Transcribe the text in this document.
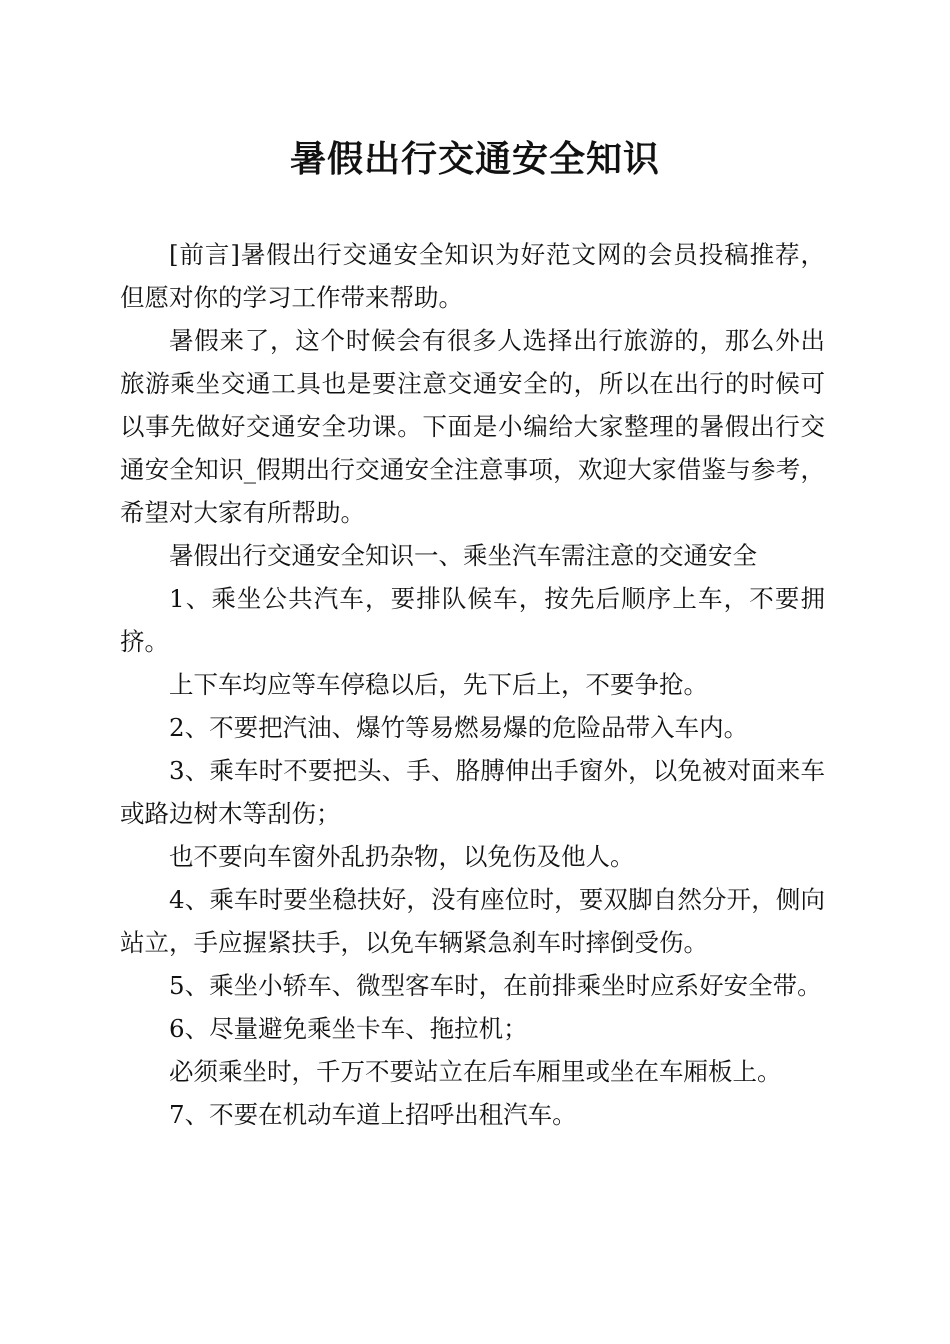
暑假出行交通安全知识

[前言]暑假出行交通安全知识为好范文网的会员投稿推荐，但愿对你的学习工作带来帮助。

暑假来了，这个时候会有很多人选择出行旅游的，那么外出旅游乘坐交通工具也是要注意交通安全的，所以在出行的时候可以事先做好交通安全功课。下面是小编给大家整理的暑假出行交通安全知识_假期出行交通安全注意事项，欢迎大家借鉴与参考，希望对大家有所帮助。

暑假出行交通安全知识一、乘坐汽车需注意的交通安全

1、乘坐公共汽车，要排队候车，按先后顺序上车，不要拥挤。

上下车均应等车停稳以后，先下后上，不要争抢。

2、不要把汽油、爆竹等易燃易爆的危险品带入车内。

3、乘车时不要把头、手、胳膊伸出手窗外，以免被对面来车或路边树木等刮伤；

也不要向车窗外乱扔杂物，以免伤及他人。

4、乘车时要坐稳扶好，没有座位时，要双脚自然分开，侧向站立，手应握紧扶手，以免车辆紧急刹车时摔倒受伤。

5、乘坐小轿车、微型客车时，在前排乘坐时应系好安全带。

6、尽量避免乘坐卡车、拖拉机；

必须乘坐时，千万不要站立在后车厢里或坐在车厢板上。

7、不要在机动车道上招呼出租汽车。
